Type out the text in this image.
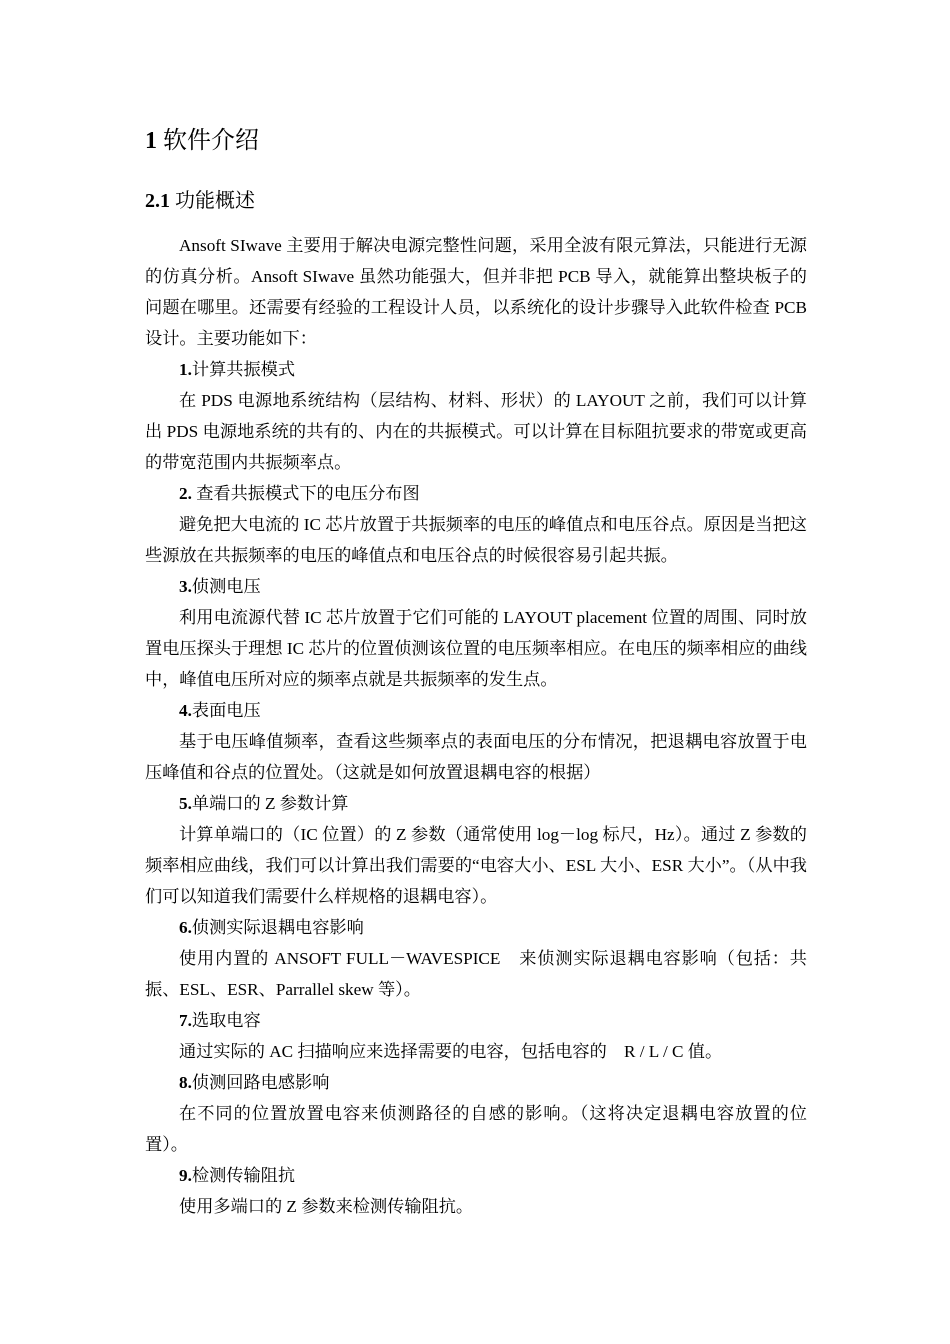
1 软件介绍
2.1 功能概述

Ansoft SIwave 主要用于解决电源完整性问题，采用全波有限元算法，只能进行无源的仿真分析。Ansoft SIwave 虽然功能强大，但并非把 PCB 导入，就能算出整块板子的问题在哪里。还需要有经验的工程设计人员，以系统化的设计步骤导入此软件检查 PCB 设计。主要功能如下：

1.计算共振模式

在 PDS 电源地系统结构（层结构、材料、形状）的 LAYOUT 之前，我们可以计算出 PDS 电源地系统的共有的、内在的共振模式。可以计算在目标阻抗要求的带宽或更高的带宽范围内共振频率点。

2. 查看共振模式下的电压分布图

避免把大电流的 IC 芯片放置于共振频率的电压的峰值点和电压谷点。原因是当把这些源放在共振频率的电压的峰值点和电压谷点的时候很容易引起共振。

3.侦测电压

利用电流源代替 IC 芯片放置于它们可能的 LAYOUT placement 位置的周围、同时放置电压探头于理想 IC 芯片的位置侦测该位置的电压频率相应。在电压的频率相应的曲线中，峰值电压所对应的频率点就是共振频率的发生点。

4.表面电压

基于电压峰值频率，查看这些频率点的表面电压的分布情况，把退耦电容放置于电压峰值和谷点的位置处。（这就是如何放置退耦电容的根据）

5.单端口的 Z 参数计算

计算单端口的（IC 位置）的 Z 参数（通常使用 log－log 标尺，Hz）。通过 Z 参数的频率相应曲线，我们可以计算出我们需要的“电容大小、ESL 大小、ESR 大小”。（从中我们可以知道我们需要什么样规格的退耦电容）。

6.侦测实际退耦电容影响

使用内置的 ANSOFT FULL－WAVESPICE　来侦测实际退耦电容影响（包括：共振、ESL、ESR、Parrallel skew 等）。

7.选取电容

通过实际的 AC 扫描响应来选择需要的电容，包括电容的　R / L / C 值。

8.侦测回路电感影响

在不同的位置放置电容来侦测路径的自感的影响。（这将决定退耦电容放置的位置）。

9.检测传输阻抗

使用多端口的 Z 参数来检测传输阻抗。
